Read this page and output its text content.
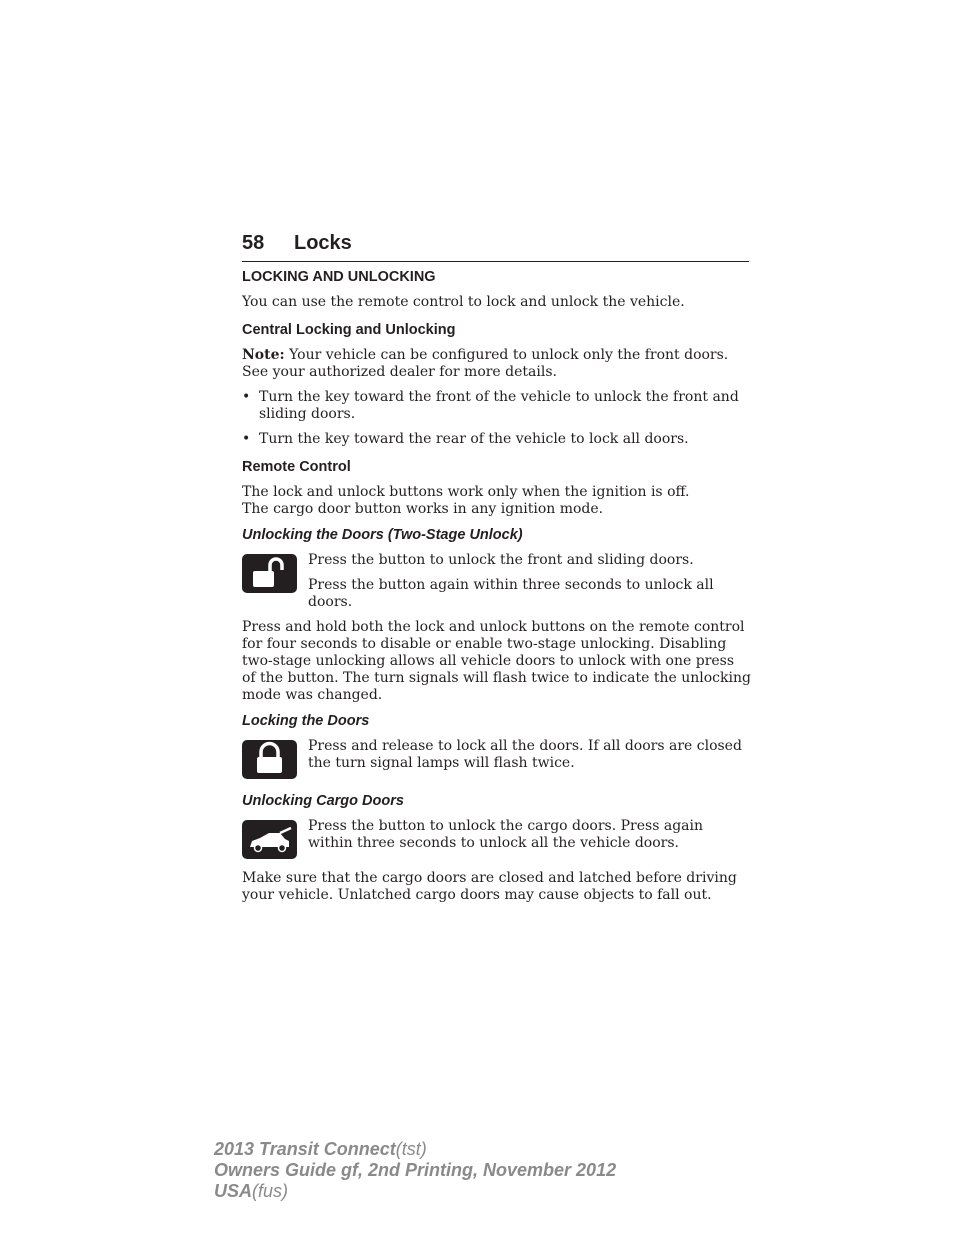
58 Locks
LOCKING AND UNLOCKING

You can use the remote control to lock and unlock the vehicle.

Central Locking and Unlocking

Note: Your vehicle can be configured to unlock only the front doors. See your authorized dealer for more details.

• Turn the key toward the front of the vehicle to unlock the front and sliding doors.

• Turn the key toward the rear of the vehicle to lock all doors.

Remote Control

The lock and unlock buttons work only when the ignition is off.

The cargo door button works in any ignition mode.

Unlocking the Doors (Two-Stage Unlock)

Press the button to unlock the front and sliding doors.

Press the button again within three seconds to unlock all doors.

Press and hold both the lock and unlock buttons on the remote control for four seconds to disable or enable two-stage unlocking. Disabling two-stage unlocking allows all vehicle doors to unlock with one press of the button. The turn signals will flash twice to indicate the unlocking mode was changed.

Locking the Doors

Press and release to lock all the doors. If all doors are closed the turn signal lamps will flash twice.

Unlocking Cargo Doors

Press the button to unlock the cargo doors. Press again within three seconds to unlock all the vehicle doors.

Make sure that the cargo doors are closed and latched before driving your vehicle. Unlatched cargo doors may cause objects to fall out.

2013 Transit Connect(tst)
Owners Guide gf, 2nd Printing, November 2012
USA(fus)
